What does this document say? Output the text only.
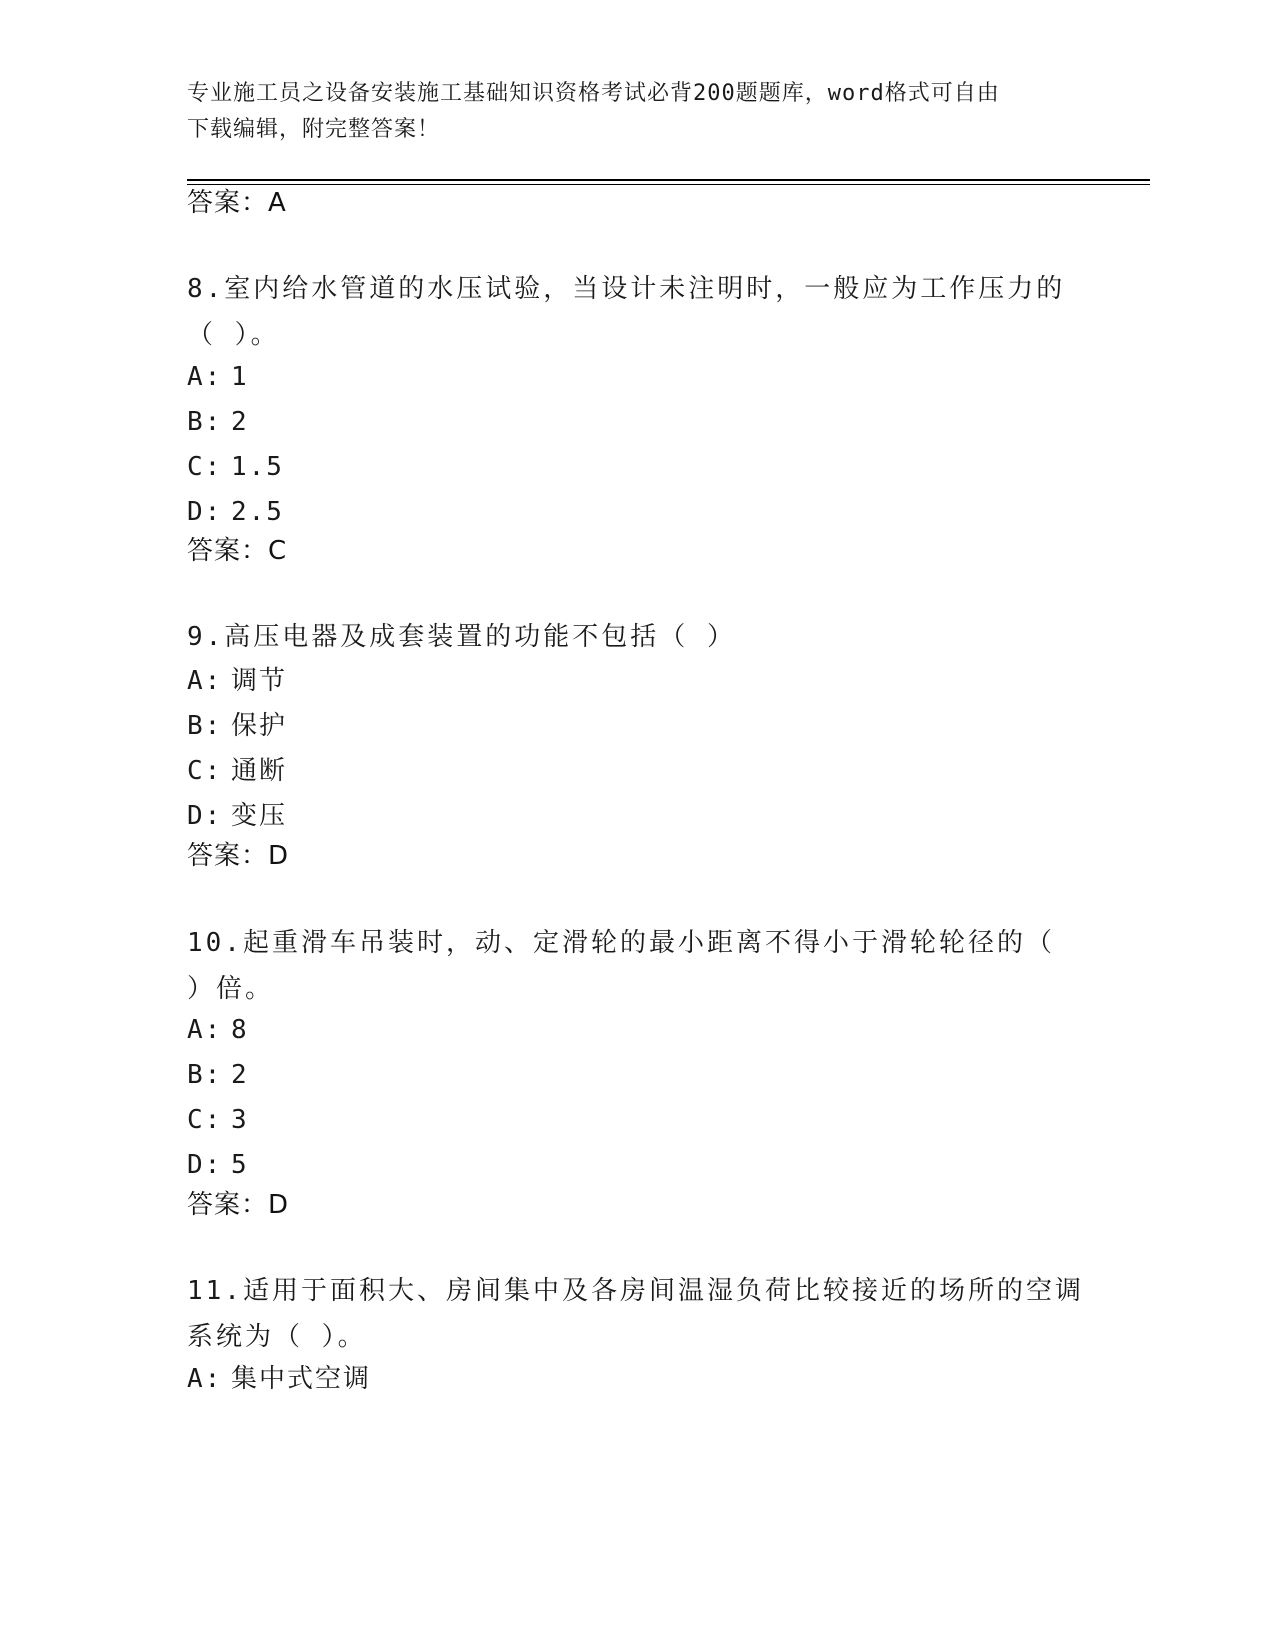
专业施工员之设备安装施工基础知识资格考试必背200题题库，word格式可自由
下载编辑，附完整答案！
答案：A
8.室内给水管道的水压试验，当设计未注明时，一般应为工作压力的
（ ）。
A: 1
B: 2
C: 1.5
D: 2.5
答案：C
9.高压电器及成套装置的功能不包括（ ）
A: 调节
B: 保护
C: 通断
D: 变压
答案：D
10.起重滑车吊装时，动、定滑轮的最小距离不得小于滑轮轮径的（
）倍。
A: 8
B: 2
C: 3
D: 5
答案：D
11.适用于面积大、房间集中及各房间温湿负荷比较接近的场所的空调
系统为（ ）。
A: 集中式空调
